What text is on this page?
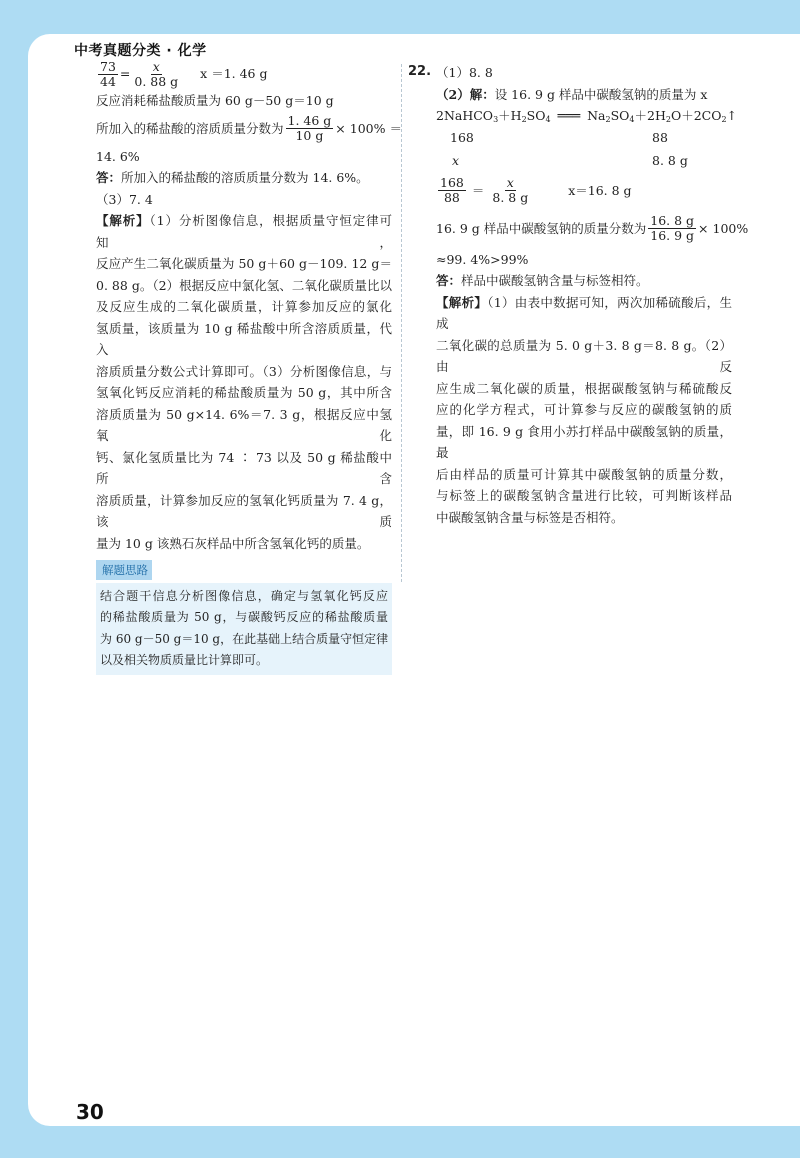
中考真题分类 · 化学
$\frac{73}{44} = \frac{x}{0. 88 g}$ x ＝1. 46 g
反应消耗稀盐酸质量为 60 g－50 g＝10 g
所加入的稀盐酸的溶质质量分数为 $\frac{1. 46 g}{10 g} \times 100\%$ ＝
14. 6%
答：所加入的稀盐酸的溶质质量分数为 14. 6%。
（3）7. 4
【解析】（1）分析图像信息，根据质量守恒定律可知，
反应产生二氧化碳质量为 50 g＋60 g－109. 12 g＝
0. 88 g。（2）根据反应中氯化氢、二氧化碳质量比以
及反应生成的二氧化碳质量，计算参加反应的氯化
氢质量，该质量为 10 g 稀盐酸中所含溶质质量，代入
溶质质量分数公式计算即可。（3）分析图像信息，与
氢氧化钙反应消耗的稀盐酸质量为 50 g，其中所含
溶质质量为 50 g×14. 6%＝7. 3 g，根据反应中氢氧化
钙、氯化氢质量比为 74 ∶ 73 以及 50 g 稀盐酸中所含
溶质质量，计算参加反应的氢氧化钙质量为 7. 4 g，该质
量为 10 g 该熟石灰样品中所含氢氧化钙的质量。
解题思路
结合题干信息分析图像信息，确定与氢氧化钙反应
的稀盐酸质量为 50 g，与碳酸钙反应的稀盐酸质量
为 60 g－50 g＝10 g，在此基础上结合质量守恒定律
以及相关物质质量比计算即可。
22. （1）8. 8
（2）解：设 16. 9 g 样品中碳酸氢钠的质量为 x
$2NaHCO_3+H_2SO_4$ ═══ $Na_2SO_4+2H_2O+2CO_2↑$
168	88
x	8. 8 g
$\frac{168}{88} = \frac{x}{8. 8 g}$	x＝16. 8 g
16. 9 g 样品中碳酸氢钠的质量分数为 $\frac{16. 8 g}{16. 9 g} \times 100\%$
≈99. 4%>99%
答：样品中碳酸氢钠含量与标签相符。
【解析】（1）由表中数据可知，两次加稀硫酸后，生成
二氧化碳的总质量为 5. 0 g＋3. 8 g＝8. 8 g。（2）由反
应生成二氧化碳的质量，根据碳酸氢钠与稀硫酸反
应的化学方程式，可计算参与反应的碳酸氢钠的质
量，即 16. 9 g 食用小苏打样品中碳酸氢钠的质量，最
后由样品的质量可计算其中碳酸氢钠的质量分数，
与标签上的碳酸氢钠含量进行比较，可判断该样品
中碳酸氢钠含量与标签是否相符。
30
